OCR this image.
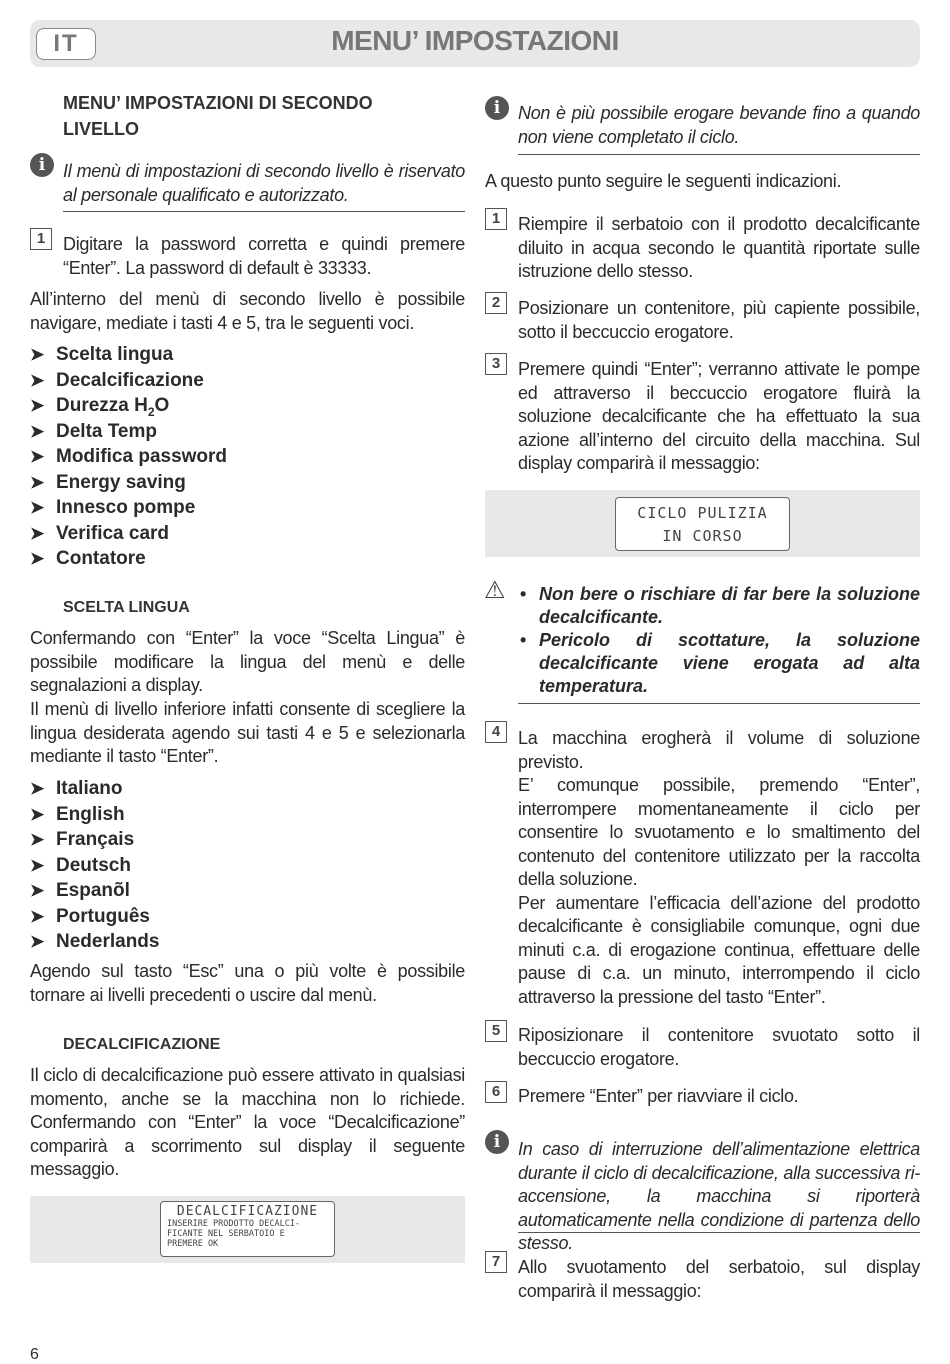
IT	MENU’ IMPOSTAZIONI
MENU’ IMPOSTAZIONI DI SECONDO LIVELLO
i Il menù di impostazioni di secondo livello è riservato al personale qualificato e autorizzato.
1 Digitare la password corretta e quindi premere “Enter”. La password di default è 33333.
All’interno del menù di secondo livello è possibile navigare, mediate i tasti 4 e 5, tra le seguenti voci.
➤ Scelta lingua
➤ Decalcificazione
➤ Durezza $H_2O$
➤ Delta Temp
➤ Modifica password
➤ Energy saving
➤ Innesco pompe
➤ Verifica card
➤ Contatore
SCELTA LINGUA
Confermando con “Enter” la voce “Scelta Lingua” è possibile modificare la lingua del menù e delle segnalazioni a display.
Il menù di livello inferiore infatti consente di scegliere la lingua desiderata agendo sui tasti 4 e 5 e selezionarla mediante il tasto “Enter”.
➤ Italiano
➤ English
➤ Français
➤ Deutsch
➤ Espanõl
➤ Português
➤ Nederlands
Agendo sul tasto “Esc” una o più volte è possibile tornare ai livelli precedenti o uscire dal menù.
DECALCIFICAZIONE
Il ciclo di decalcificazione può essere attivato in qualsiasi momento, anche se la macchina non lo richiede. Confermando con “Enter” la voce “Decalcificazione” comparirà a scorrimento sul display il seguente messaggio.
DECALCIFICAZIONE
INSERIRE PRODOTTO DECALCI-
FICANTE NEL SERBATOIO E
PREMERE OK
i Non è più possibile erogare bevande fino a quando non viene completato il ciclo.
A questo punto seguire le seguenti indicazioni.
1 Riempire il serbatoio con il prodotto decalcificante diluito in acqua secondo le quantità riportate sulle istruzione dello stesso.
2 Posizionare un contenitore, più capiente possibile, sotto il beccuccio erogatore.
3 Premere quindi “Enter”; verranno attivate le pompe ed attraverso il beccuccio erogatore fluirà la soluzione decalcificante che ha effettuato la sua azione all’interno del circuito della macchina. Sul display comparirà il messaggio:
CICLO PULIZIA
IN CORSO
⚠	• Non bere o rischiare di far bere la soluzione decalcificante.
• Pericolo di scottature, la soluzione decalcificante viene erogata ad alta temperatura.
4 La macchina erogherà il volume di soluzione previsto.
E’ comunque possibile, premendo “Enter”, interrompere momentaneamente il ciclo per consentire lo svuotamento e lo smaltimento del contenuto del contenitore utilizzato per la raccolta della soluzione.
Per aumentare l’efficacia dell’azione del prodotto decalcificante è consigliabile comunque, ogni due minuti c.a. di erogazione continua, effettuare delle pause di c.a. un minuto, interrompendo il ciclo attraverso la pressione del tasto “Enter”.
5 Riposizionare il contenitore svuotato sotto il beccuccio erogatore.
6 Premere “Enter” per riavviare il ciclo.
i In caso di interruzione dell’alimentazione elettrica durante il ciclo di decalcificazione, alla successiva ri-accensione, la macchina si riporterà automaticamente nella condizione di partenza dello stesso.
7 Allo svuotamento del serbatoio, sul display comparirà il messaggio:
6
